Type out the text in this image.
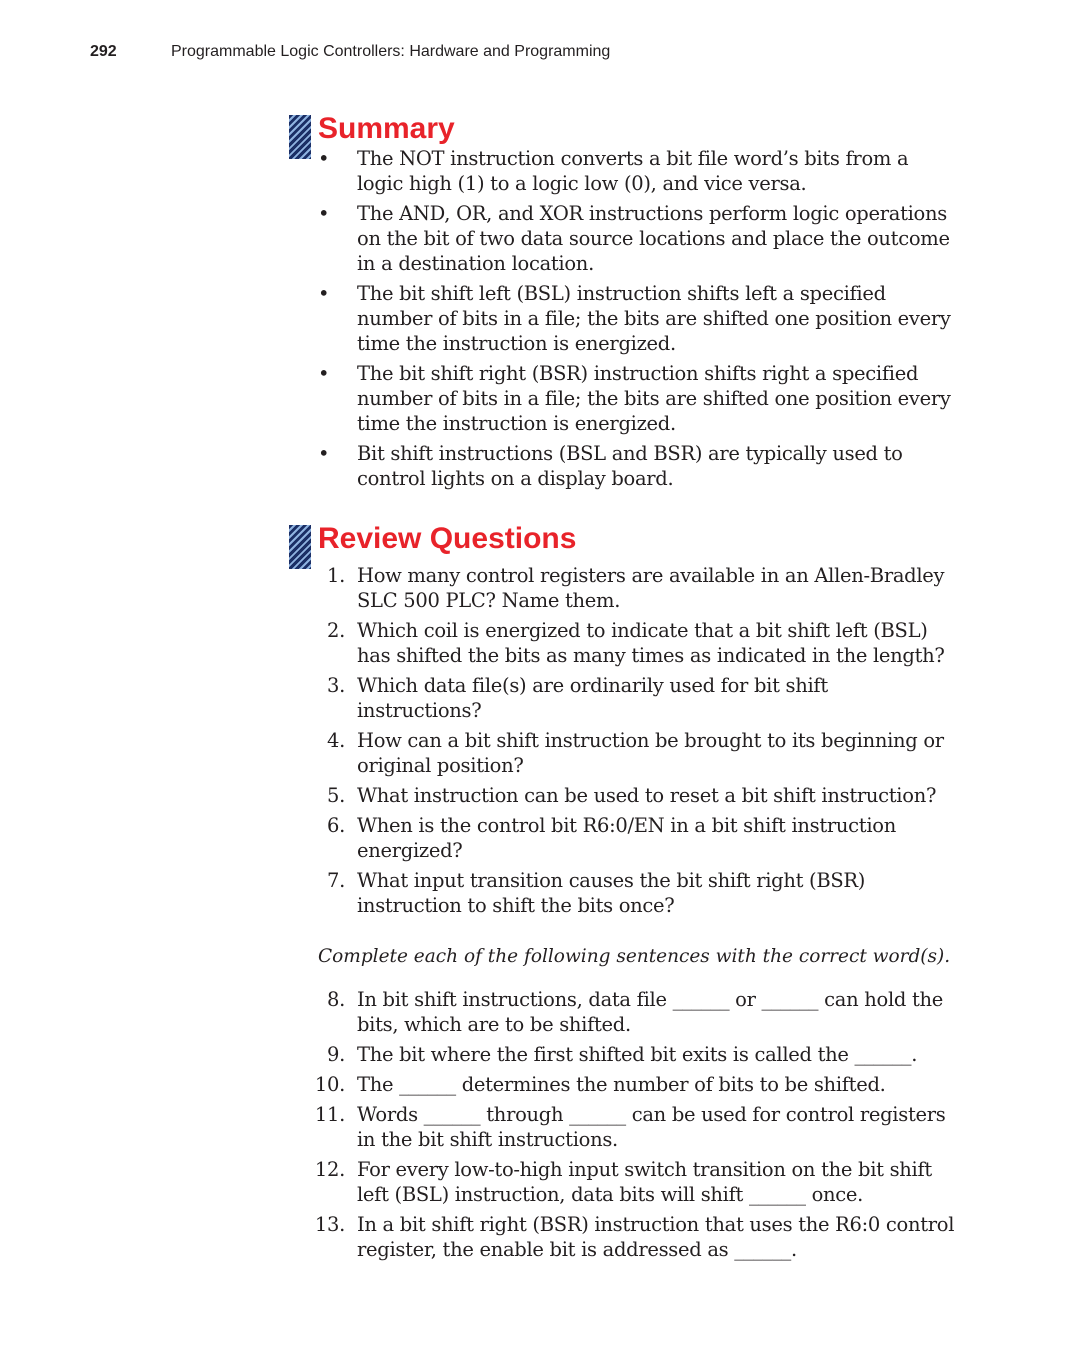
292	Programmable Logic Controllers: Hardware and Programming
Summary
• The NOT instruction converts a bit file word’s bits from a logic high (1) to a logic low (0), and vice versa.
• The AND, OR, and XOR instructions perform logic operations on the bit of two data source locations and place the outcome in a destination location.
• The bit shift left (BSL) instruction shifts left a specified number of bits in a file; the bits are shifted one position every time the instruction is energized.
• The bit shift right (BSR) instruction shifts right a specified number of bits in a file; the bits are shifted one position every time the instruction is energized.
• Bit shift instructions (BSL and BSR) are typically used to control lights on a display board.
Review Questions
1. How many control registers are available in an Allen-Bradley SLC 500 PLC? Name them.
2. Which coil is energized to indicate that a bit shift left (BSL) has shifted the bits as many times as indicated in the length?
3. Which data file(s) are ordinarily used for bit shift instructions?
4. How can a bit shift instruction be brought to its beginning or original position?
5. What instruction can be used to reset a bit shift instruction?
6. When is the control bit R6:0/EN in a bit shift instruction energized?
7. What input transition causes the bit shift right (BSR) instruction to shift the bits once?
Complete each of the following sentences with the correct word(s).
8. In bit shift instructions, data file ______ or ______ can hold the bits, which are to be shifted.
9. The bit where the first shifted bit exits is called the ______.
10. The ______ determines the number of bits to be shifted.
11. Words ______ through ______ can be used for control registers in the bit shift instructions.
12. For every low-to-high input switch transition on the bit shift left (BSL) instruction, data bits will shift ______ once.
13. In a bit shift right (BSR) instruction that uses the R6:0 control register, the enable bit is addressed as ______.
